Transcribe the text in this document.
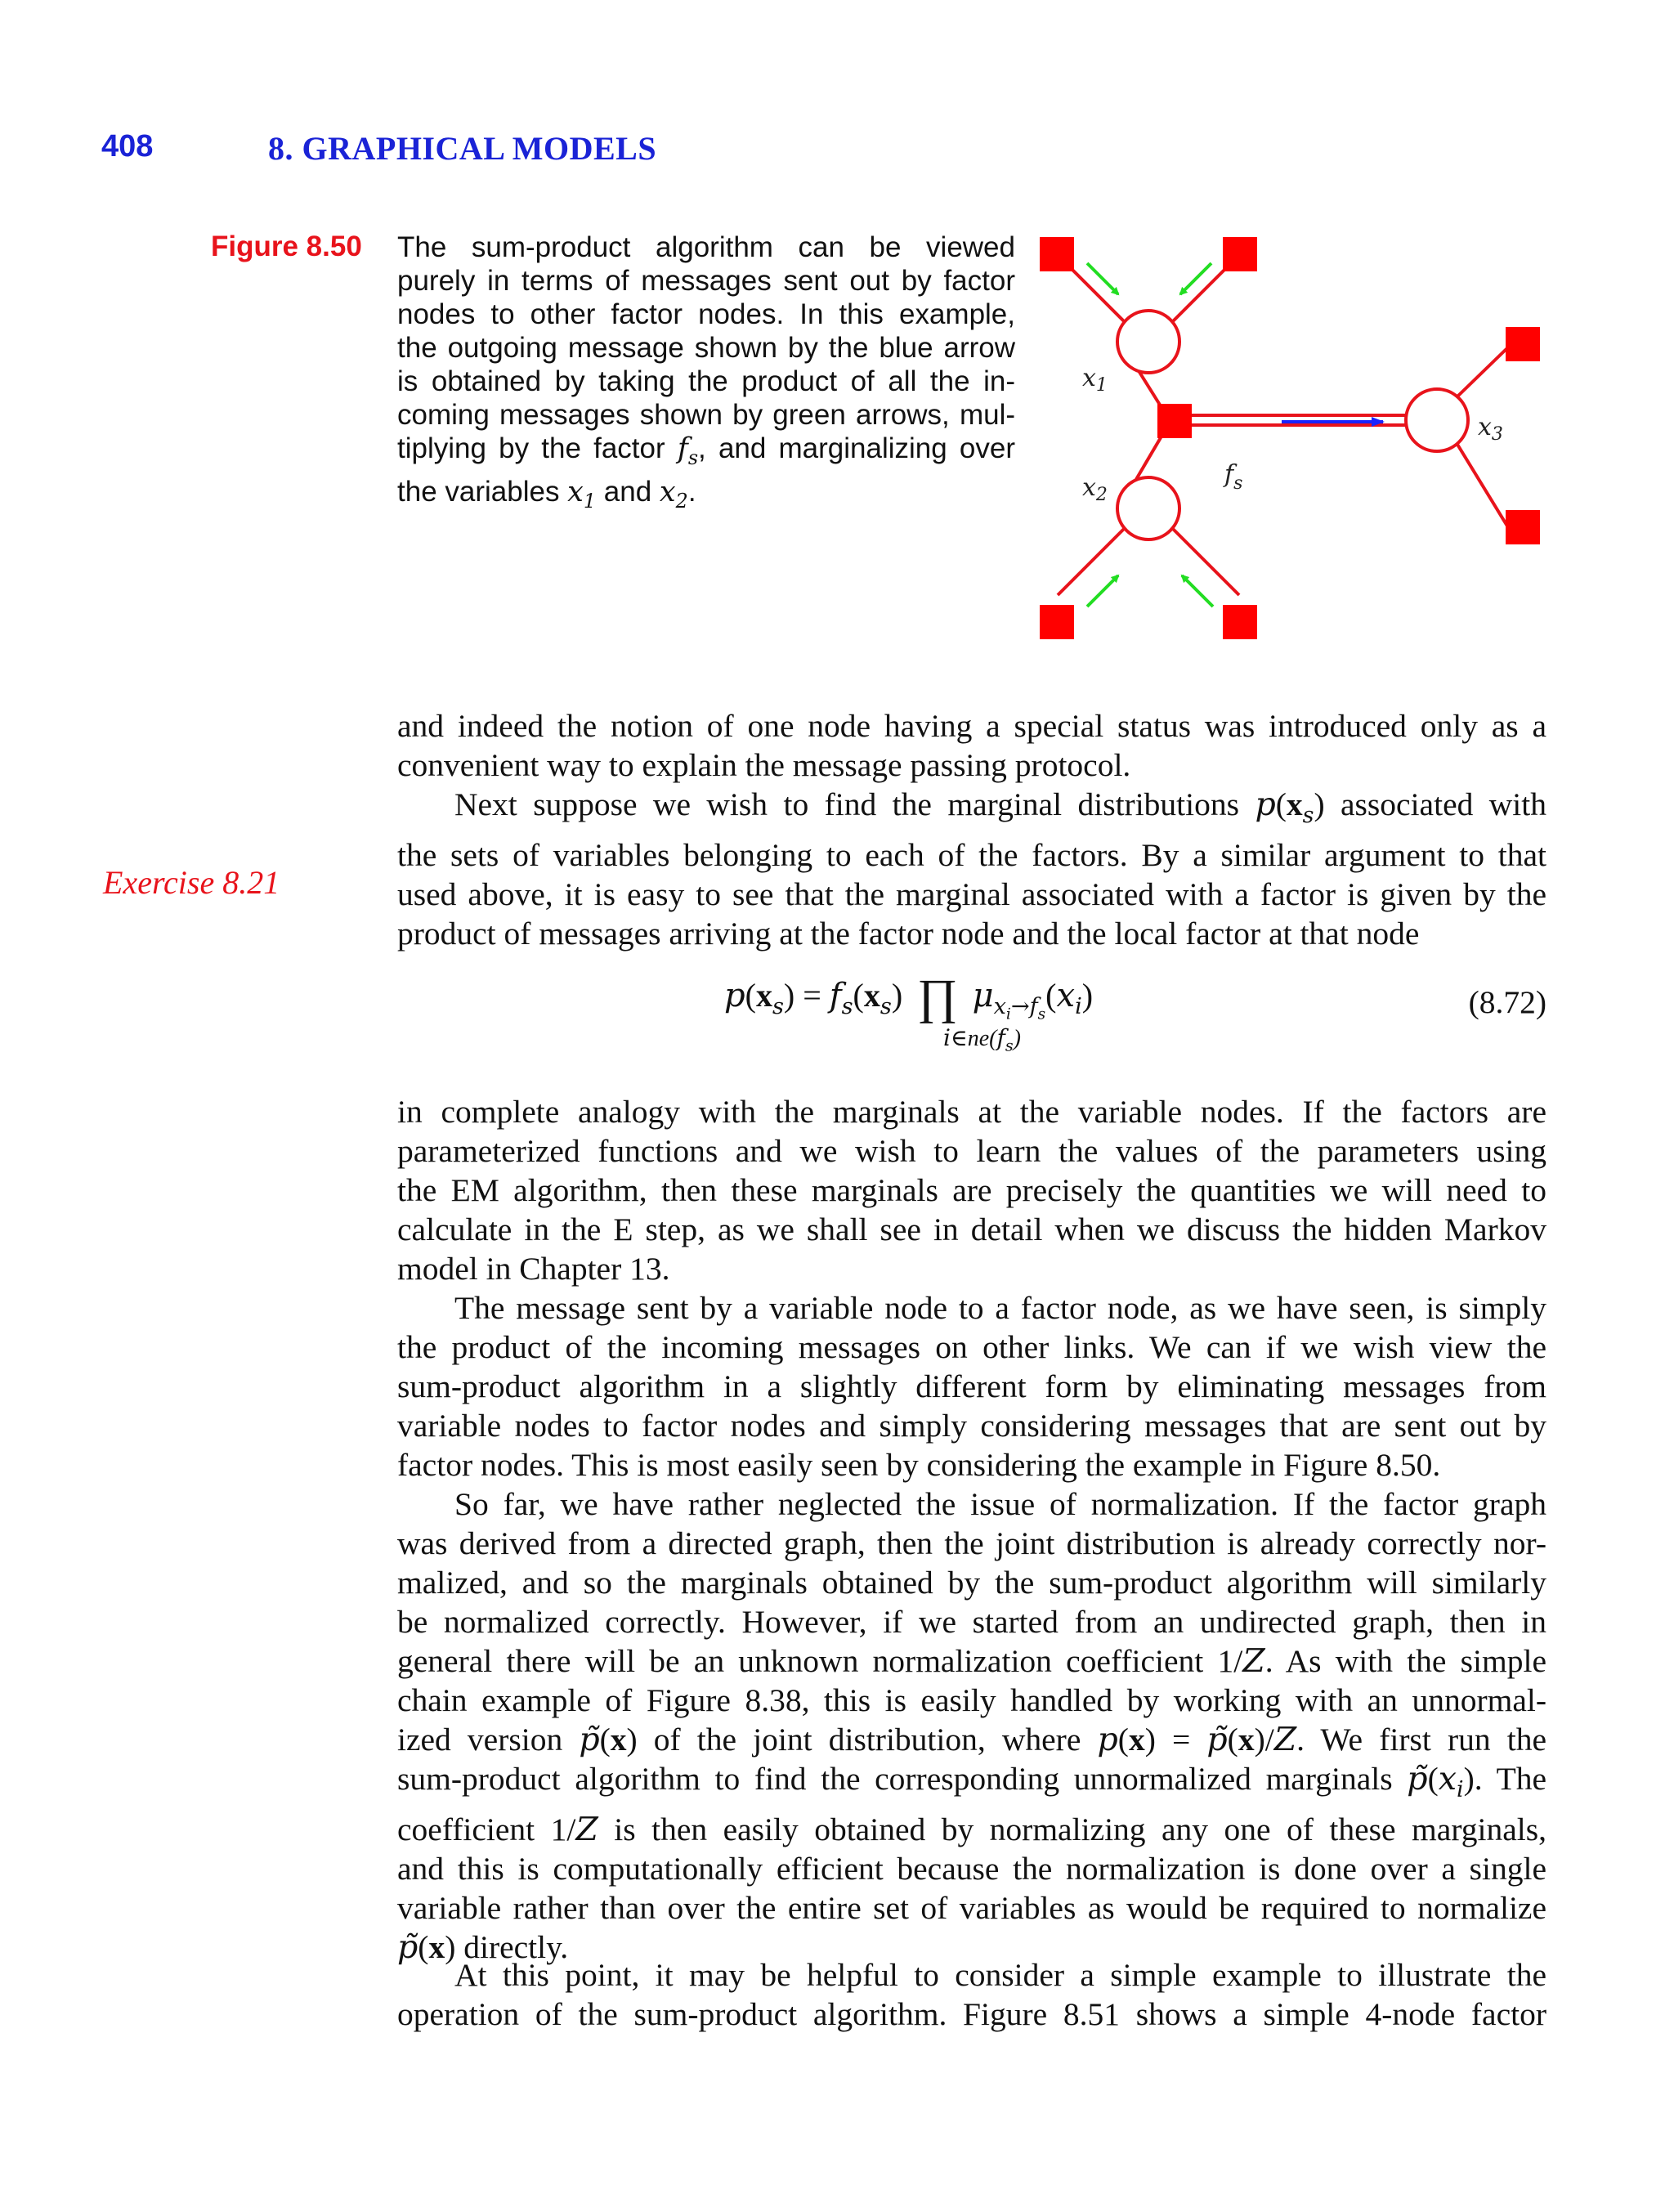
408	8. GRAPHICAL MODELS
Figure 8.50 The sum-product algorithm can be viewed
purely in terms of messages sent out by factor
nodes to other factor nodes. In this example,
the outgoing message shown by the blue arrow
is obtained by taking the product of all the in-
coming messages shown by green arrows, mul-
tiplying by the factor $f_s$, and marginalizing over
the variables $x_1$ and $x_2$.
$x_1$
$x_2$
$x_3$
$f_s$
Exercise 8.21
and indeed the notion of one node having a special status was introduced only as a
convenient way to explain the message passing protocol.
Next suppose we wish to find the marginal distributions $p(x_s)$ associated with
the sets of variables belonging to each of the factors. By a similar argument to that
used above, it is easy to see that the marginal associated with a factor is given by the
product of messages arriving at the factor node and the local factor at that node
$p(x_s) = f_s(x_s)$ ∏ $\mu_{x_i\to f_s}(x_i)$
$i\in ne(f_s)$
(8.72)
in complete analogy with the marginals at the variable nodes. If the factors are
parameterized functions and we wish to learn the values of the parameters using
the EM algorithm, then these marginals are precisely the quantities we will need to
calculate in the E step, as we shall see in detail when we discuss the hidden Markov
model in Chapter 13.
The message sent by a variable node to a factor node, as we have seen, is simply
the product of the incoming messages on other links. We can if we wish view the
sum-product algorithm in a slightly different form by eliminating messages from
variable nodes to factor nodes and simply considering messages that are sent out by
factor nodes. This is most easily seen by considering the example in Figure 8.50.
So far, we have rather neglected the issue of normalization. If the factor graph
was derived from a directed graph, then the joint distribution is already correctly nor-
malized, and so the marginals obtained by the sum-product algorithm will similarly
be normalized correctly. However, if we started from an undirected graph, then in
general there will be an unknown normalization coefficient 1/Z. As with the simple
chain example of Figure 8.38, this is easily handled by working with an unnormal-
ized version p̃(x) of the joint distribution, where p(x) = p̃(x)/Z. We first run the
sum-product algorithm to find the corresponding unnormalized marginals $p̃(x_i)$. The
coefficient 1/Z is then easily obtained by normalizing any one of these marginals,
and this is computationally efficient because the normalization is done over a single
variable rather than over the entire set of variables as would be required to normalize
p̃(x) directly.
At this point, it may be helpful to consider a simple example to illustrate the
operation of the sum-product algorithm. Figure 8.51 shows a simple 4-node factor
